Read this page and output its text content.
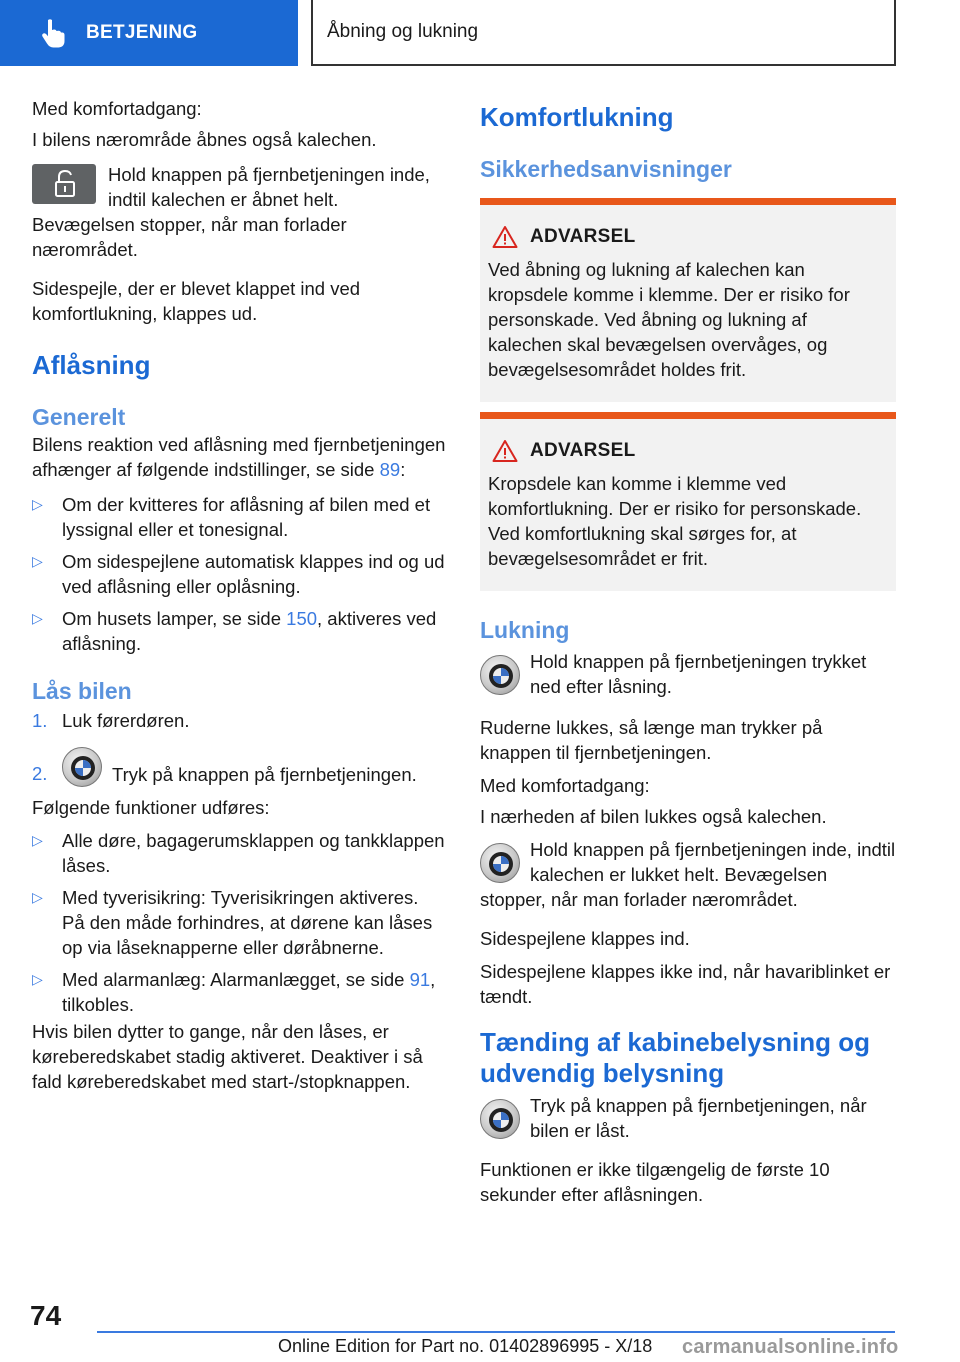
BETJENING	Åbning og lukning

Med komfortadgang:

I bilens nærområde åbnes også kalechen.

Hold knappen på fjernbetjeningen inde, indtil kalechen er åbnet helt. Bevægelsen stopper, når man forlader nærområdet.

Sidespejle, der er blevet klappet ind ved komfortlukning, klappes ud.

Aflåsning
Generelt

Bilens reaktion ved aflåsning med fjernbetjeningen afhænger af følgende indstillinger, se side 89:

▷	Om der kvitteres for aflåsning af bilen med et lyssignal eller et tonesignal.
▷	Om sidespejlene automatisk klappes ind og ud ved aflåsning eller oplåsning.
▷	Om husets lamper, se side 150, aktiveres ved aflåsning.
Lås bilen
1. Luk førerdøren.
2.	Tryk på knappen på fjernbetjeningen.

Følgende funktioner udføres:

▷	Alle døre, bagagerumsklappen og tankklappen låses.
▷	Med tyverisikring: Tyverisikringen aktiveres. På den måde forhindres, at dørene kan låses op via låseknapperne eller døråbnerne.
▷	Med alarmanlæg: Alarmanlægget, se side 91, tilkobles.

Hvis bilen dytter to gange, når den låses, er køreberedskabet stadig aktiveret. Deaktiver i så fald køreberedskabet med start-/stopknappen.

Komfortlukning
Sikkerhedsanvisninger
ADVARSEL

Ved åbning og lukning af kalechen kan kropsdele komme i klemme. Der er risiko for personskade. Ved åbning og lukning af kalechen skal bevægelsen overvåges, og bevægelsesområdet holdes frit.

ADVARSEL

Kropsdele kan komme i klemme ved komfortlukning. Der er risiko for personskade. Ved komfortlukning skal sørges for, at bevægelsesområdet er frit.

Lukning

Hold knappen på fjernbetjeningen trykket ned efter låsning.

Ruderne lukkes, så længe man trykker på knappen til fjernbetjeningen.

Med komfortadgang:

I nærheden af bilen lukkes også kalechen.

Hold knappen på fjernbetjeningen inde, indtil kalechen er lukket helt. Bevægelsen stopper, når man forlader nærområdet.

Sidespejlene klappes ind.

Sidespejlene klappes ikke ind, når havariblinket er tændt.

Tænding af kabinebelysning og udvendig belysning

Tryk på knappen på fjernbetjeningen, når bilen er låst.

Funktionen er ikke tilgængelig de første 10 sekunder efter aflåsningen.

74
Online Edition for Part no. 01402896995 - X/18 carmanualsonline.info
